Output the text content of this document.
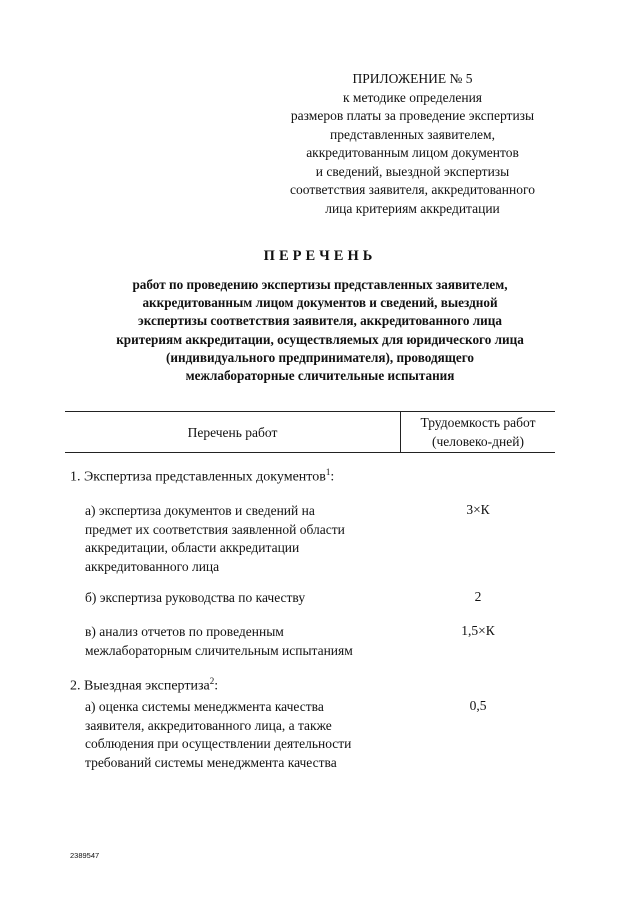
ПРИЛОЖЕНИЕ № 5
к методике определения
размеров платы за проведение экспертизы
представленных заявителем,
аккредитованным лицом документов
и сведений, выездной экспертизы
соответствия заявителя, аккредитованного
лица критериям аккредитации
ПЕРЕЧЕНЬ
работ по проведению экспертизы представленных заявителем,
аккредитованным лицом документов и сведений, выездной
экспертизы соответствия заявителя, аккредитованного лица
критериям аккредитации, осуществляемых для юридического лица
(индивидуального предпринимателя), проводящего
межлабораторные сличительные испытания
Перечень работ
Трудоемкость работ
(человеко-дней)
1. Экспертиза представленных документов$^1$:
а) экспертиза документов и сведений на
предмет их соответствия заявленной области
аккредитации, области аккредитации
аккредитованного лица
3×К
б) экспертиза руководства по качеству	2
в) анализ отчетов по проведенным
межлабораторным сличительным испытаниям
1,5×К
2. Выездная экспертиза$^2$:
а) оценка системы менеджмента качества
заявителя, аккредитованного лица, а также
соблюдения при осуществлении деятельности
требований системы менеджмента качества
0,5
2389547
